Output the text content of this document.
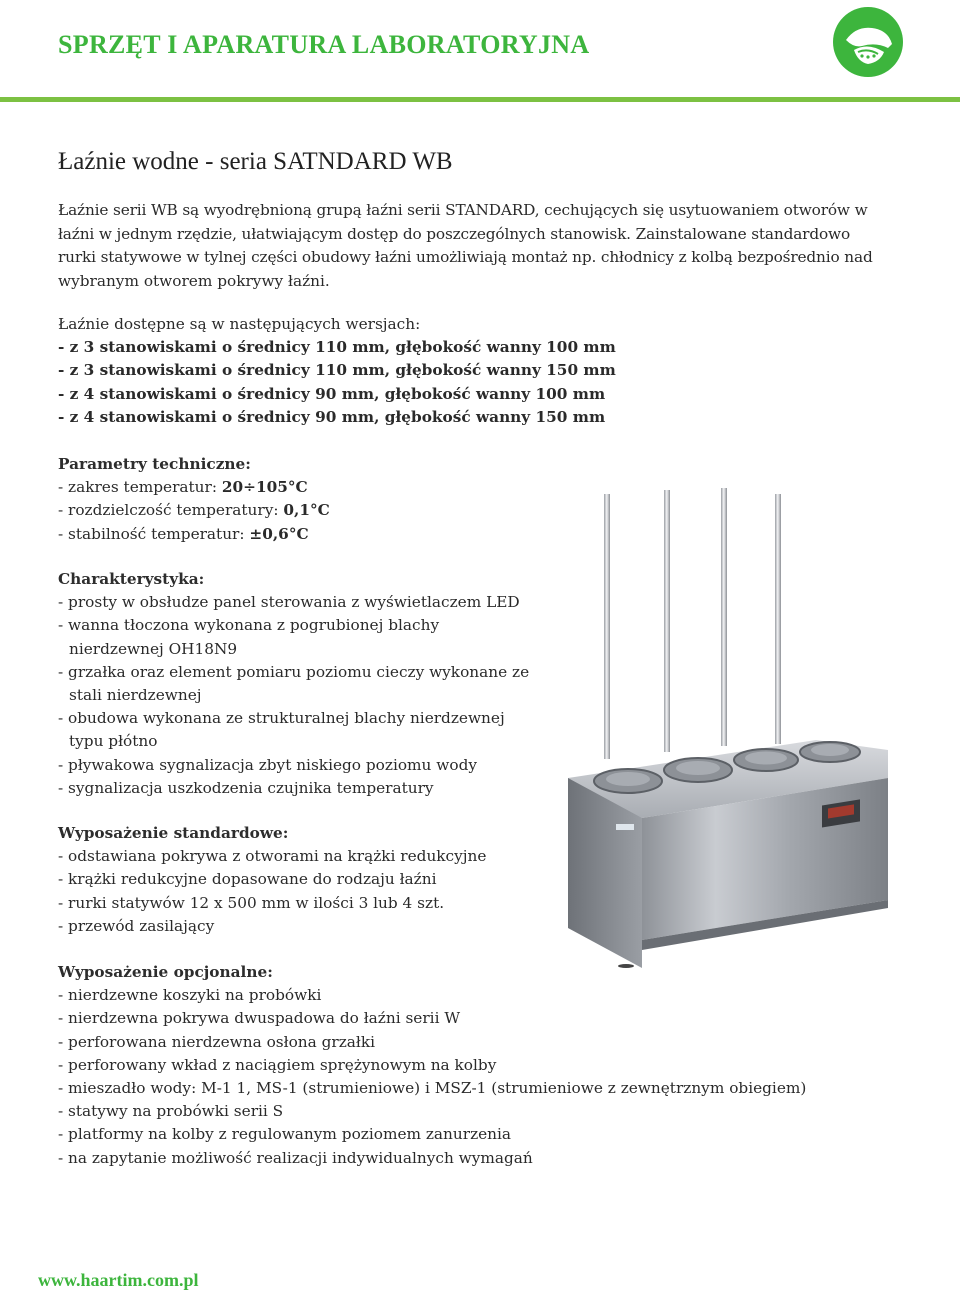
SPRZĘT I APARATURA LABORATORYJNA
Łaźnie wodne - seria SATNDARD WB

Łaźnie serii WB są wyodrębnioną grupą łaźni serii STANDARD, cechujących się usytuowaniem otworów w

łaźni w jednym rzędzie, ułatwiającym dostęp do poszczególnych stanowisk. Zainstalowane standardowo

rurki statywowe w tylnej części obudowy łaźni umożliwiają montaż np. chłodnicy z kolbą bezpośrednio nad

wybranym otworem pokrywy łaźni.

Łaźnie dostępne są w następujących wersjach:
- z 3 stanowiskami o średnicy 110 mm, głębokość wanny 100 mm
- z 3 stanowiskami o średnicy 110 mm, głębokość wanny 150 mm
- z 4 stanowiskami o średnicy 90 mm, głębokość wanny 100 mm
- z 4 stanowiskami o średnicy 90 mm, głębokość wanny 150 mm
Parametry techniczne:
- zakres temperatur: 20÷105°C
- rozdzielczość temperatury: 0,1°C
- stabilność temperatur: ±0,6°C
Charakterystyka:
- prosty w obsłudze panel sterowania z wyświetlaczem LED
- wanna tłoczona wykonana z pogrubionej blachy
nierdzewnej OH18N9
- grzałka oraz element pomiaru poziomu cieczy wykonane ze
stali nierdzewnej
- obudowa wykonana ze strukturalnej blachy nierdzewnej
typu płótno
- pływakowa sygnalizacja zbyt niskiego poziomu wody
- sygnalizacja uszkodzenia czujnika temperatury
Wyposażenie standardowe:
- odstawiana pokrywa z otworami na krążki redukcyjne
- krążki redukcyjne dopasowane do rodzaju łaźni
- rurki statywów 12 x 500 mm w ilości 3 lub 4 szt.
- przewód zasilający
Wyposażenie opcjonalne:
- nierdzewne koszyki na probówki
- nierdzewna pokrywa dwuspadowa do łaźni serii W
- perforowana nierdzewna osłona grzałki
- perforowany wkład z naciągiem sprężynowym na kolby
- mieszadło wody: M-1 1, MS-1 (strumieniowe) i MSZ-1 (strumieniowe z zewnętrznym obiegiem)
- statywy na probówki serii S
- platformy na kolby z regulowanym poziomem zanurzenia
- na zapytanie możliwość realizacji indywidualnych wymagań
www.haartim.com.pl
